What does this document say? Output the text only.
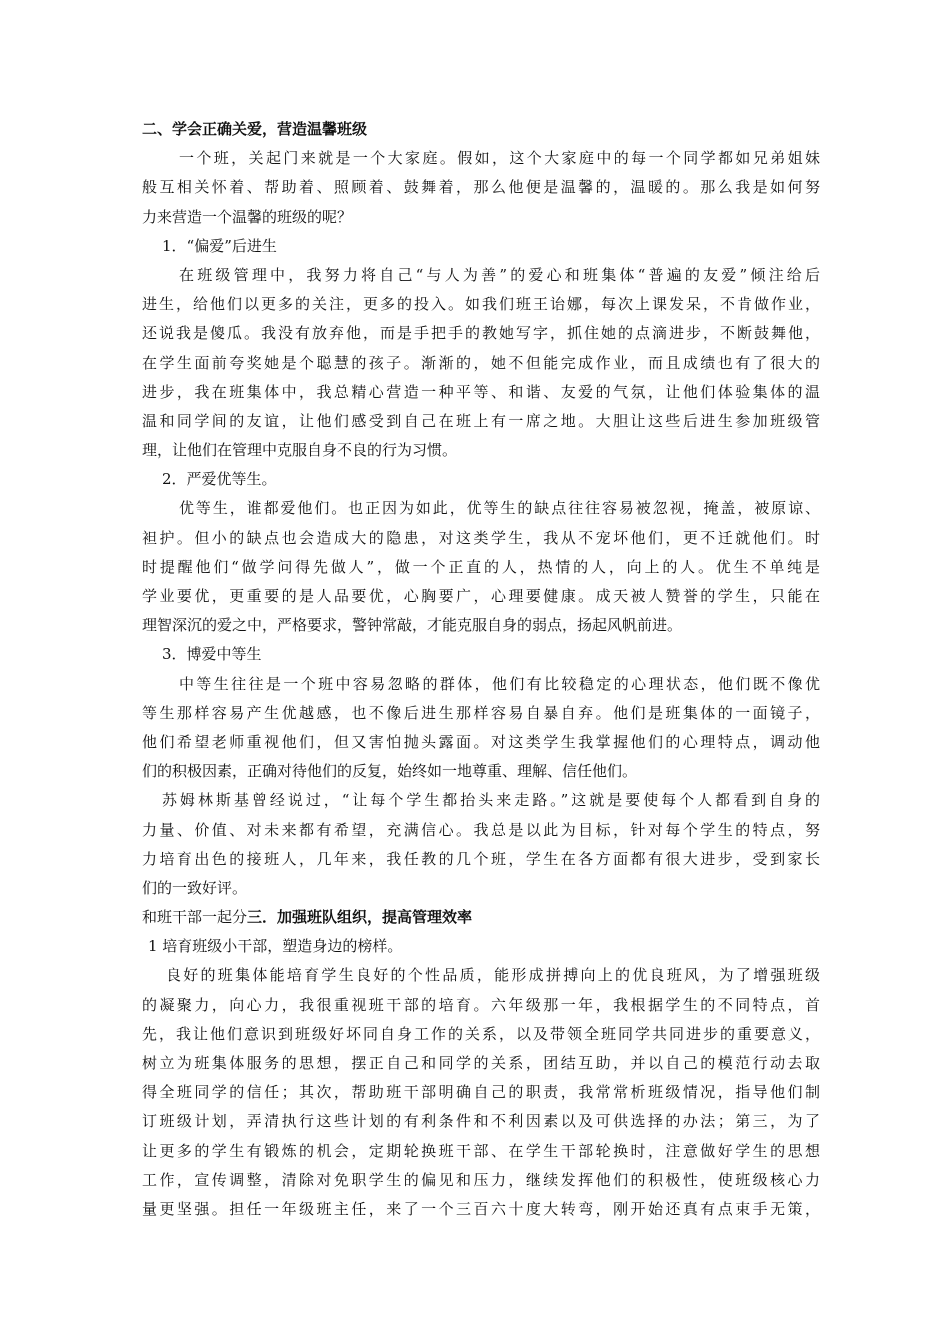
二、学会正确关爱，营造温馨班级
一个班，关起门来就是一个大家庭。假如，这个大家庭中的每一个同学都如兄弟姐妹
般互相关怀着、帮助着、照顾着、鼓舞着，那么他便是温馨的，温暖的。那么我是如何努
力来营造一个温馨的班级的呢？
1．“偏爱”后进生
在班级管理中，我努力将自己“与人为善”的爱心和班集体“普遍的友爱”倾注给后
进生，给他们以更多的关注，更多的投入。如我们班王诒娜，每次上课发呆，不肯做作业，
还说我是傻瓜。我没有放弃他，而是手把手的教她写字，抓住她的点滴进步，不断鼓舞他，
在学生面前夸奖她是个聪慧的孩子。渐渐的，她不但能完成作业，而且成绩也有了很大的
进步，我在班集体中，我总精心营造一种平等、和谐、友爱的气氛，让他们体验集体的温
温和同学间的友谊，让他们感受到自己在班上有一席之地。大胆让这些后进生参加班级管
理，让他们在管理中克服自身不良的行为习惯。
2．严爱优等生。
优等生，谁都爱他们。也正因为如此，优等生的缺点往往容易被忽视，掩盖，被原谅、
袒护。但小的缺点也会造成大的隐患，对这类学生，我从不宠坏他们，更不迁就他们。时
时提醒他们“做学问得先做人”，做一个正直的人，热情的人，向上的人。优生不单纯是
学业要优，更重要的是人品要优，心胸要广，心理要健康。成天被人赞誉的学生，只能在
理智深沉的爱之中，严格要求，警钟常敲，才能克服自身的弱点，扬起风帆前进。
3．博爱中等生
中等生往往是一个班中容易忽略的群体，他们有比较稳定的心理状态，他们既不像优
等生那样容易产生优越感，也不像后进生那样容易自暴自弃。他们是班集体的一面镜子，
他们希望老师重视他们，但又害怕抛头露面。对这类学生我掌握他们的心理特点，调动他
们的积极因素，正确对待他们的反复，始终如一地尊重、理解、信任他们。
苏姆林斯基曾经说过，“让每个学生都抬头来走路。”这就是要使每个人都看到自身的
力量、价值、对未来都有希望，充满信心。我总是以此为目标，针对每个学生的特点，努
力培育出色的接班人，几年来，我任教的几个班，学生在各方面都有很大进步，受到家长
们的一致好评。
和班干部一起分三．加强班队组织，提高管理效率
1 培育班级小干部，塑造身边的榜样。
良好的班集体能培育学生良好的个性品质，能形成拼搏向上的优良班风，为了增强班级
的凝聚力，向心力，我很重视班干部的培育。六年级那一年，我根据学生的不同特点，首
先，我让他们意识到班级好坏同自身工作的关系，以及带领全班同学共同进步的重要意义，
树立为班集体服务的思想，摆正自己和同学的关系，团结互助，并以自己的模范行动去取
得全班同学的信任；其次，帮助班干部明确自己的职责，我常常析班级情况，指导他们制
订班级计划，弄清执行这些计划的有利条件和不利因素以及可供选择的办法；第三，为了
让更多的学生有锻炼的机会，定期轮换班干部、在学生干部轮换时，注意做好学生的思想
工作，宣传调整，清除对免职学生的偏见和压力，继续发挥他们的积极性，使班级核心力
量更坚强。担任一年级班主任，来了一个三百六十度大转弯，刚开始还真有点束手无策，
